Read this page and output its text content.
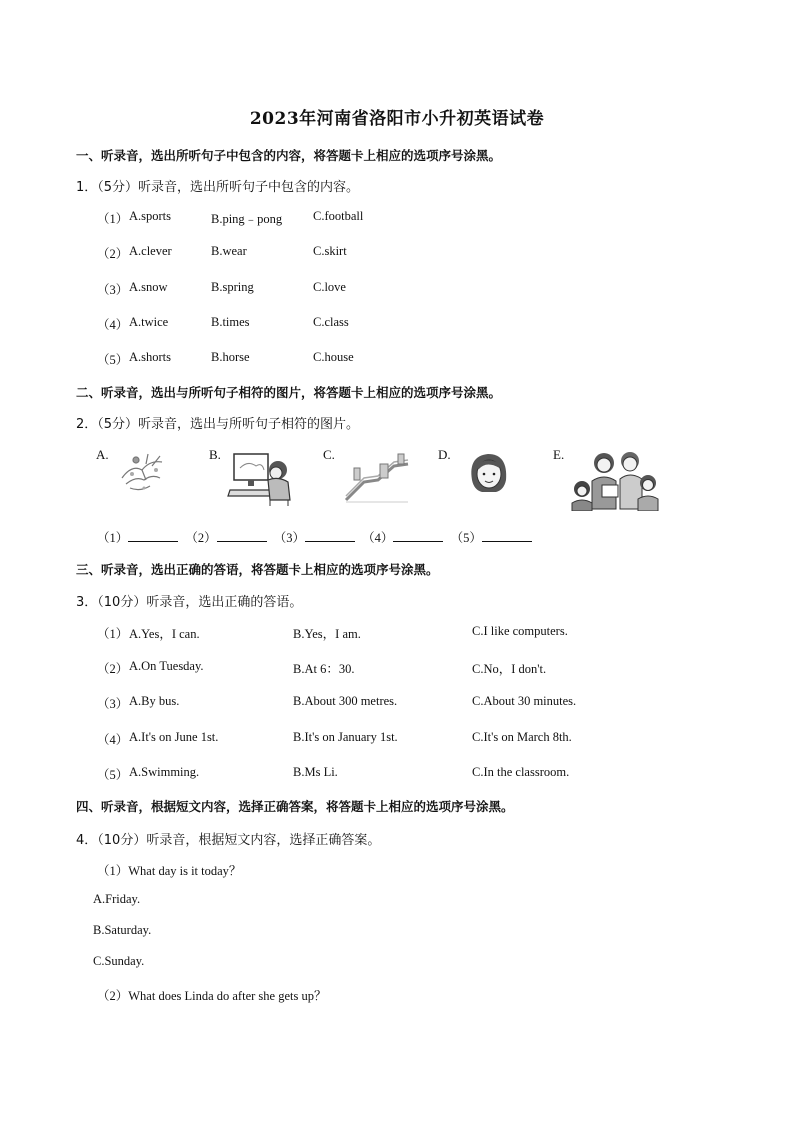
2023年河南省洛阳市小升初英语试卷
一、听录音，选出所听句子中包含的内容，将答题卡上相应的选项序号涂黑。
1．（5分）听录音，选出所听句子中包含的内容。
（1） A.sports	B.ping﹣pong C.football
（2） A.clever	B.wear	C.skirt
（3） A.snow	B.spring	C.love
（4） A.twice	B.times	C.class
（5） A.shorts	B.horse	C.house
二、听录音，选出与所听句子相符的图片，将答题卡上相应的选项序号涂黑。
2．（5分）听录音，选出与所听句子相符的图片。
A.	B.	C.	D.	E.
（1）	（2）	（3）	（4）	（5）
三、听录音，选出正确的答语，将答题卡上相应的选项序号涂黑。
3．（10分）听录音，选出正确的答语。
（1） A.Yes，I can.	B.Yes，I am.	C.I like computers.
（2） A.On Tuesday.	B.At 6：30.	C.No，I don't.
（3） A.By bus.	B.About 300 metres.	C.About 30 minutes.
（4） A.It's on June 1st.	B.It's on January 1st.	C.It's on March 8th.
（5） A.Swimming.	B.Ms Li.	C.In the classroom.
四、听录音，根据短文内容，选择正确答案，将答题卡上相应的选项序号涂黑。
4．（10分）听录音，根据短文内容，选择正确答案。
（1）What day is it today？
A.Friday.
B.Saturday.
C.Sunday.
（2）What does Linda do after she gets up？
